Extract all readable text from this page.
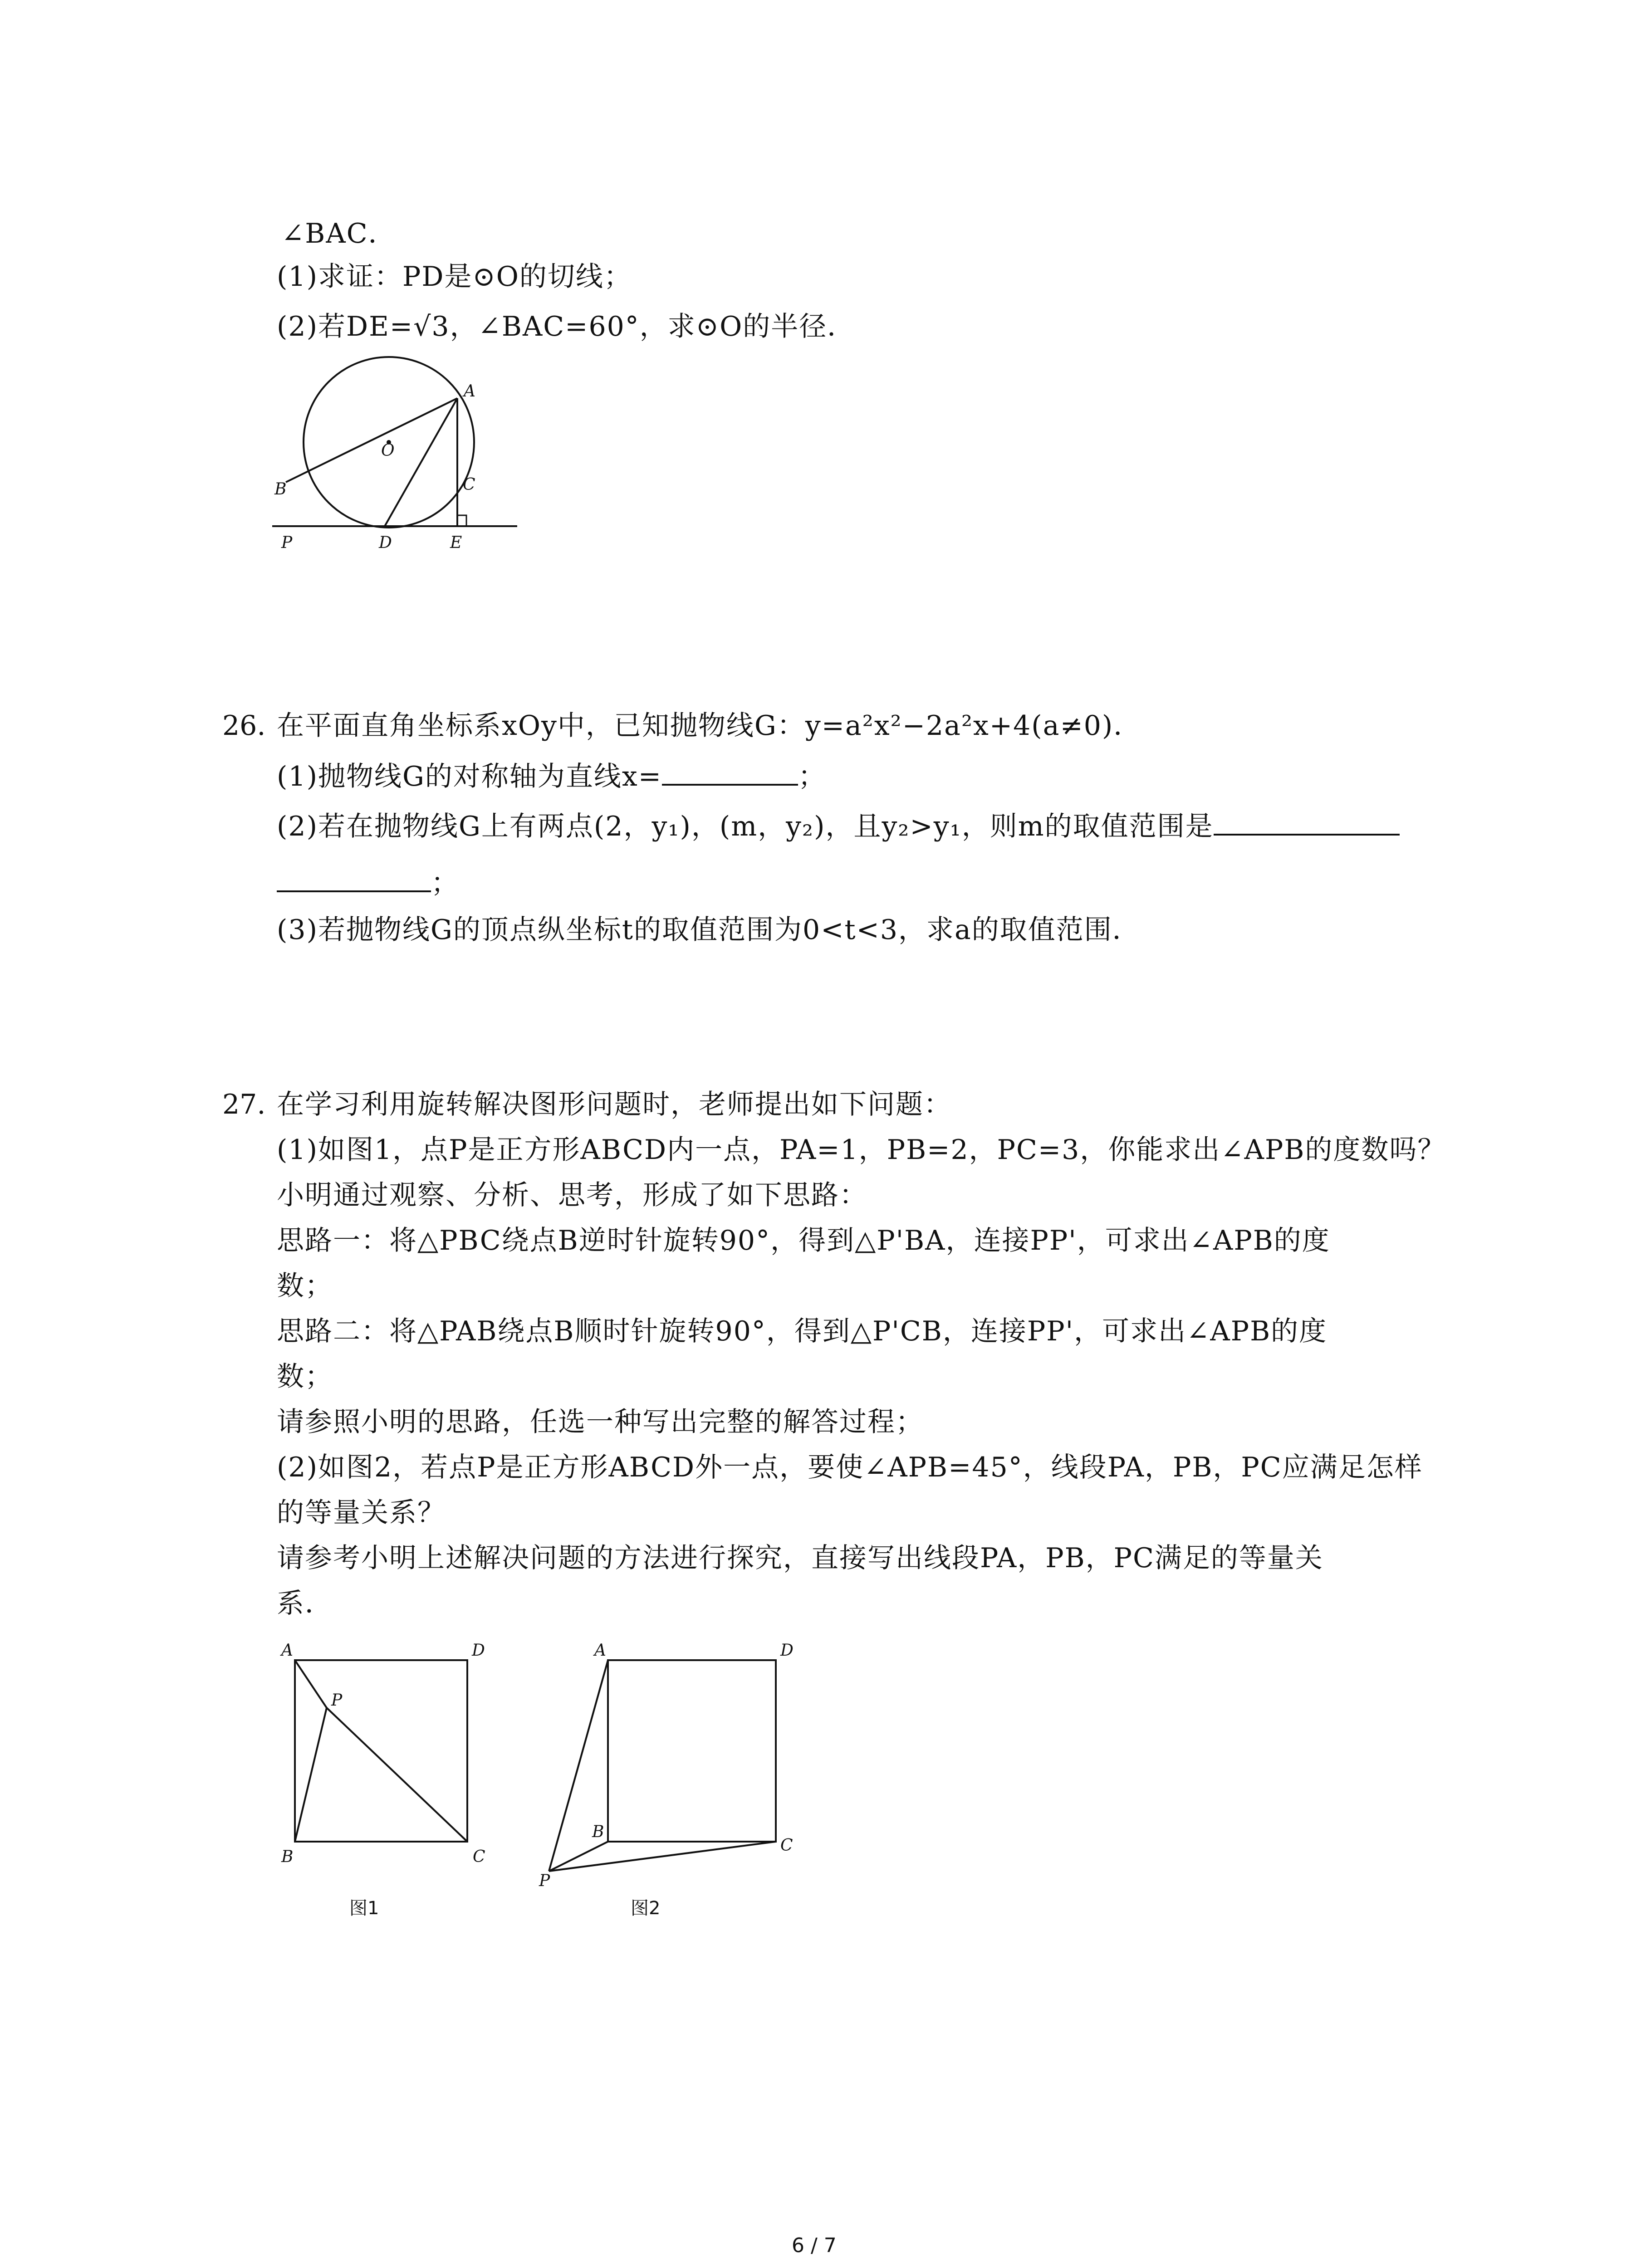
∠BAC．
(1)求证：PD是⊙O的切线；
(2)若DE=√3，∠BAC=60°，求⊙O的半径．
A
O
B	C
P	D	E
26. 在平面直角坐标系xOy中，已知抛物线G：y=a²x²−2a²x+4(a≠0)．
(1)抛物线G的对称轴为直线x=	；
(2)若在抛物线G上有两点(2，y₁)，(m，y₂)，且y₂>y₁，则m的取值范围是
；
(3)若抛物线G的顶点纵坐标t的取值范围为0<t<3，求a的取值范围．
27. 在学习利用旋转解决图形问题时，老师提出如下问题：
(1)如图1，点P是正方形ABCD内一点，PA=1，PB=2，PC=3，你能求出∠APB的度数吗？
小明通过观察、分析、思考，形成了如下思路：
思路一：将△PBC绕点B逆时针旋转90°，得到△P'BA，连接PP'，可求出∠APB的度
数；
思路二：将△PAB绕点B顺时针旋转90°，得到△P'CB，连接PP'，可求出∠APB的度
数；
请参照小明的思路，任选一种写出完整的解答过程；
(2)如图2，若点P是正方形ABCD外一点，要使∠APB=45°，线段PA，PB，PC应满足怎样
的等量关系？
请参考小明上述解决问题的方法进行探究，直接写出线段PA，PB，PC满足的等量关
系．
A	D
P
B	C
图1
A	D
B
C
P
图2
6 / 7
